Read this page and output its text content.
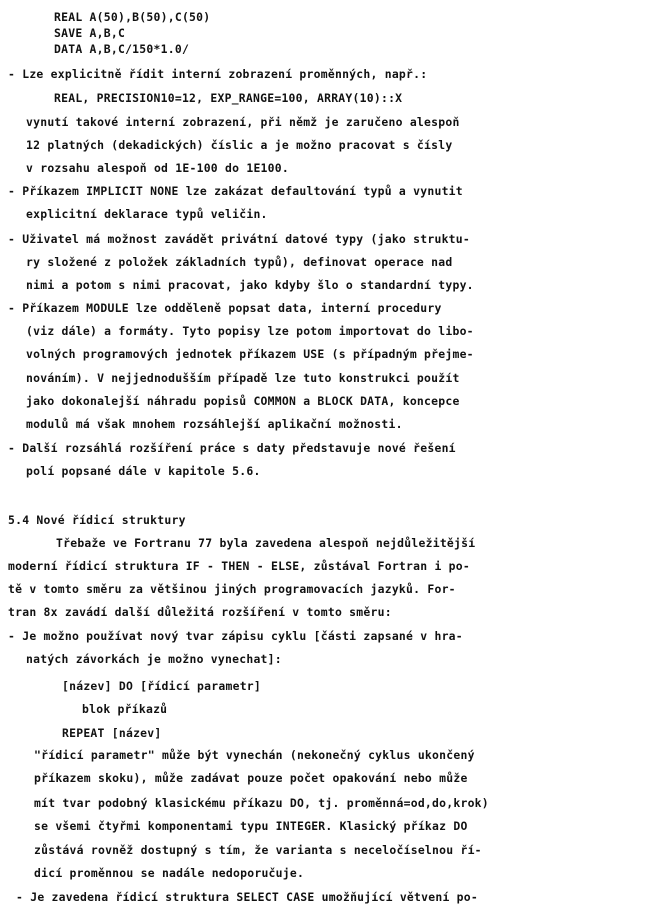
REAL A(50),B(50),C(50)
SAVE A,B,C
DATA A,B,C/150*1.0/
- Lze explicitně řídit interní zobrazení proměnných, např.:
REAL, PRECISION10=12, EXP_RANGE=100, ARRAY(10)::X
vynutí takové interní zobrazení, při němž je zaručeno alespoň
12 platných (dekadických) číslic a je možno pracovat s čísly
v rozsahu alespoň od 1E-100 do 1E100.
- Příkazem IMPLICIT NONE lze zakázat defaultování typů a vynutit
explicitní deklarace typů veličin.
- Uživatel má možnost zavádět privátní datové typy (jako struktu-
ry složené z položek základních typů), definovat operace nad
nimi a potom s nimi pracovat, jako kdyby šlo o standardní typy.
- Příkazem MODULE lze odděleně popsat data, interní procedury
(viz dále) a formáty. Tyto popisy lze potom importovat do libo-
volných programových jednotek příkazem USE (s případným přejme-
nováním). V nejjednodušším případě lze tuto konstrukci použít
jako dokonalejší náhradu popisů COMMON a BLOCK DATA, koncepce
modulů má však mnohem rozsáhlejší aplikační možnosti.
- Další rozsáhlá rozšíření práce s daty představuje nové řešení
polí popsané dále v kapitole 5.6.
5.4 Nové řídicí struktury
Třebaže ve Fortranu 77 byla zavedena alespoň nejdůležitější
moderní řídicí struktura IF - THEN - ELSE, zůstával Fortran i po-
tě v tomto směru za většinou jiných programovacích jazyků. For-
tran 8x zavádí další důležitá rozšíření v tomto směru:
- Je možno používat nový tvar zápisu cyklu [části zapsané v hra-
natých závorkách je možno vynechat]:
[název] DO [řídicí parametr]
blok příkazů
REPEAT [název]
"řídicí parametr" může být vynechán (nekonečný cyklus ukončený
příkazem skoku), může zadávat pouze počet opakování nebo může
mít tvar podobný klasickému příkazu DO, tj. proměnná=od,do,krok)
se všemi čtyřmi komponentami typu INTEGER. Klasický příkaz DO
zůstává rovněž dostupný s tím, že varianta s neceločíselnou ří-
dicí proměnnou se nadále nedoporučuje.
- Je zavedena řídicí struktura SELECT CASE umožňující větvení po-
